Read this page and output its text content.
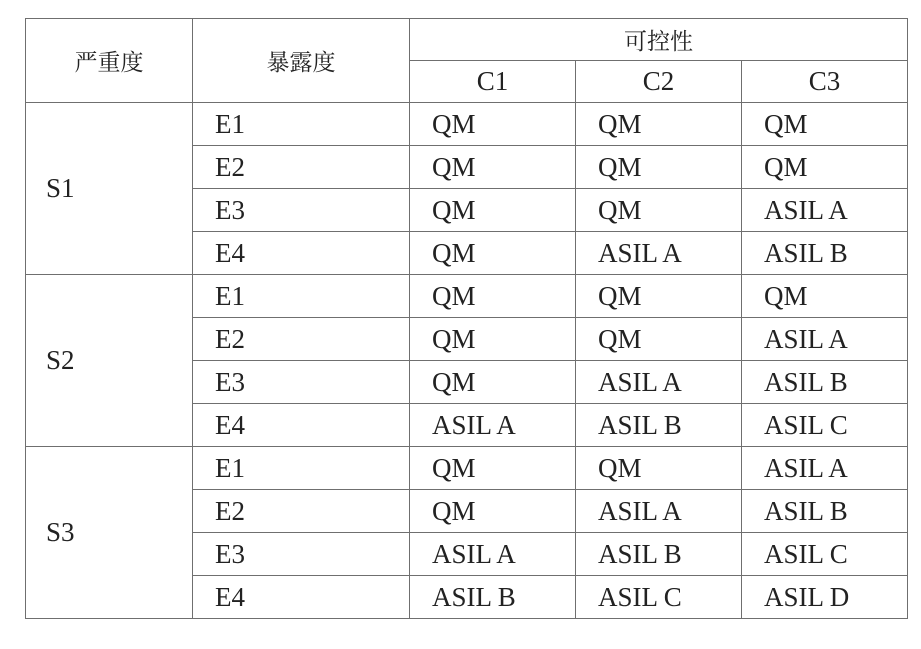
严重度	暴露度	可控性		
		C1	C2	C3
S1	E1	QM	QM	QM
	E2	QM	QM	QM
	E3	QM	QM	ASIL A
	E4	QM	ASIL A	ASIL B
S2	E1	QM	QM	QM
	E2	QM	QM	ASIL A
	E3	QM	ASIL A	ASIL B
	E4	ASIL A	ASIL B	ASIL C
S3	E1	QM	QM	ASIL A
	E2	QM	ASIL A	ASIL B
	E3	ASIL A	ASIL B	ASIL C
	E4	ASIL B	ASIL C	ASIL D
